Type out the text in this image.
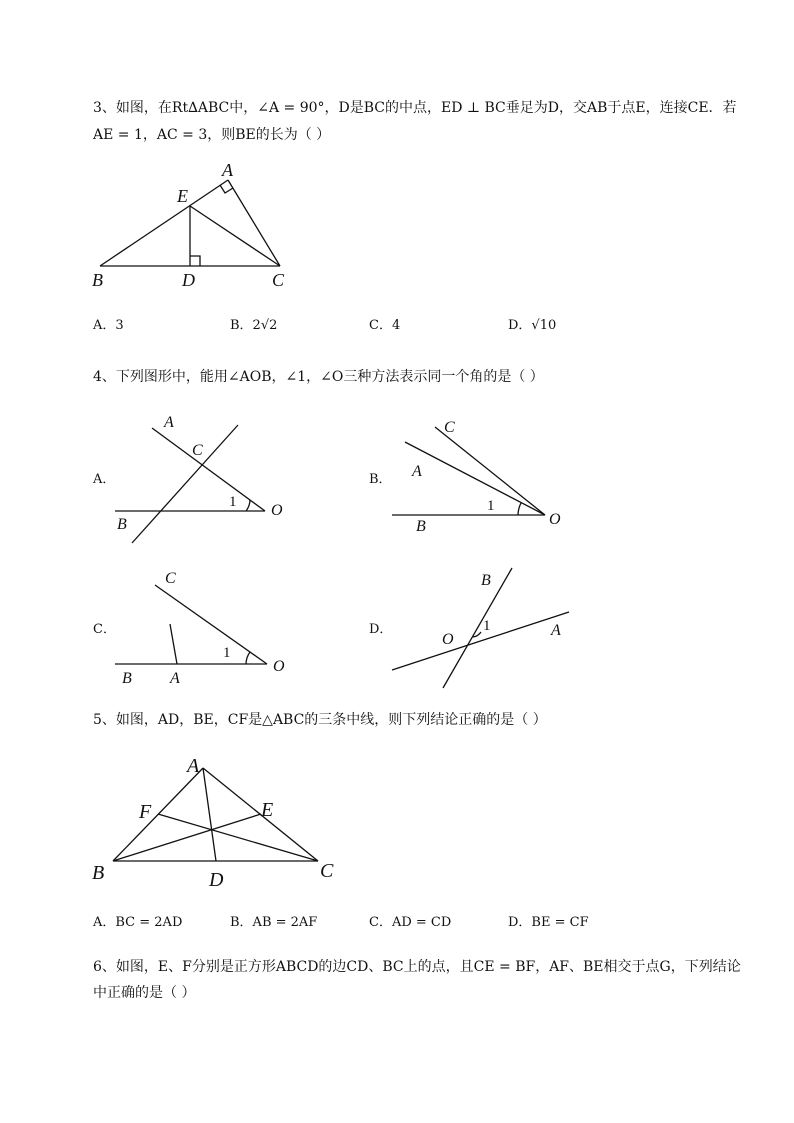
3、如图，在Rt∆ABC中，∠A = 90°，D是BC的中点，ED ⊥ BC垂足为D，交AB于点E，连接CE．若
AE = 1，AC = 3，则BE的长为（ ）
A
E
B	D	C
A．3	B．2√2	C．4	D．√10
4、下列图形中，能用∠AOB，∠1，∠O三种方法表示同一个角的是（ ）
A．
A
C
B
O
1
B．
C
A
B	O
1
C．
C
B A
O
1
D．
B
O
A
1
5、如图，AD，BE，CF是△ABC的三条中线，则下列结论正确的是（ ）
A
F	E
B	D	C
A．BC = 2AD	B．AB = 2AF	C．AD = CD	D．BE = CF
6、如图，E、F分别是正方形ABCD的边CD、BC上的点，且CE = BF，AF、BE相交于点G，下列结论
中正确的是（ ）
